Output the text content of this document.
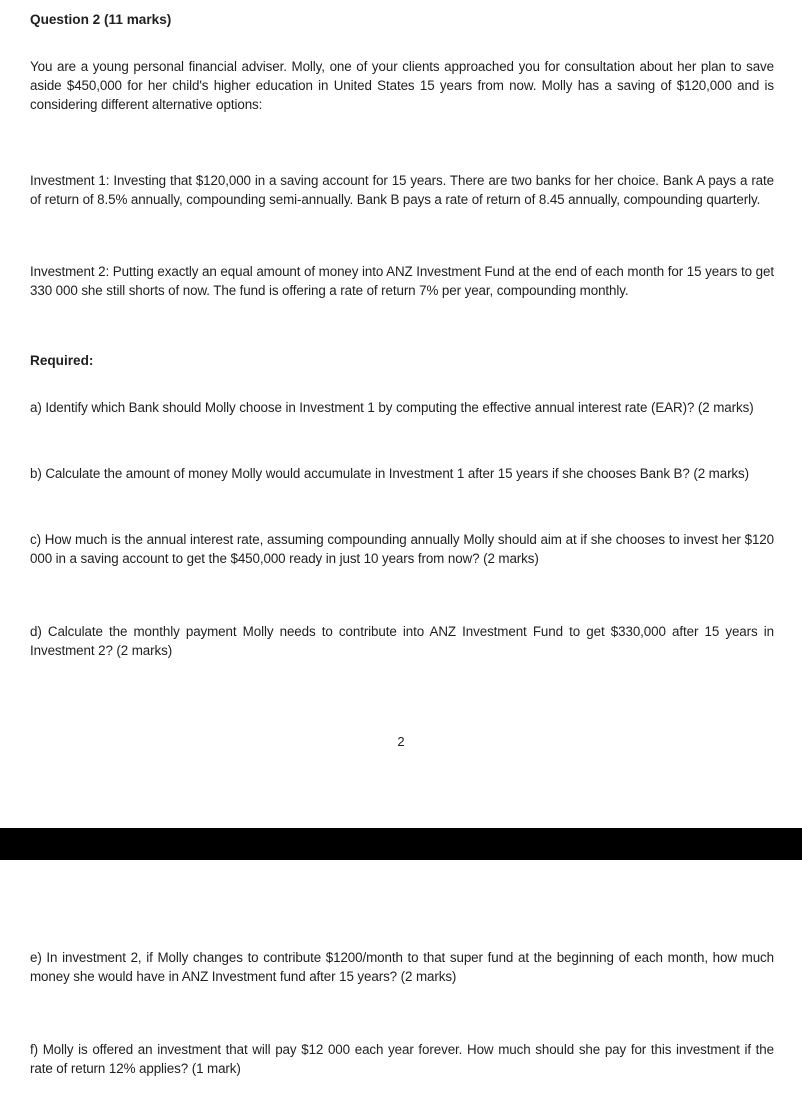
Question 2 (11 marks)
You are a young personal financial adviser. Molly, one of your clients approached you for consultation about her plan to save aside $450,000 for her child's higher education in United States 15 years from now. Molly has a saving of $120,000 and is considering different alternative options:
Investment 1: Investing that $120,000 in a saving account for 15 years. There are two banks for her choice. Bank A pays a rate of return of 8.5% annually, compounding semi-annually. Bank B pays a rate of return of 8.45 annually, compounding quarterly.
Investment 2: Putting exactly an equal amount of money into ANZ Investment Fund at the end of each month for 15 years to get 330 000 she still shorts of now. The fund is offering a rate of return 7% per year, compounding monthly.
Required:
a) Identify which Bank should Molly choose in Investment 1 by computing the effective annual interest rate (EAR)? (2 marks)
b) Calculate the amount of money Molly would accumulate in Investment 1 after 15 years if she chooses Bank B? (2 marks)
c) How much is the annual interest rate, assuming compounding annually Molly should aim at if she chooses to invest her $120 000 in a saving account to get the $450,000 ready in just 10 years from now? (2 marks)
d) Calculate the monthly payment Molly needs to contribute into ANZ Investment Fund to get $330,000 after 15 years in Investment 2? (2 marks)
2
e) In investment 2, if Molly changes to contribute $1200/month to that super fund at the beginning of each month, how much money she would have in ANZ Investment fund after 15 years? (2 marks)
f) Molly is offered an investment that will pay $12 000 each year forever. How much should she pay for this investment if the rate of return 12% applies? (1 mark)
